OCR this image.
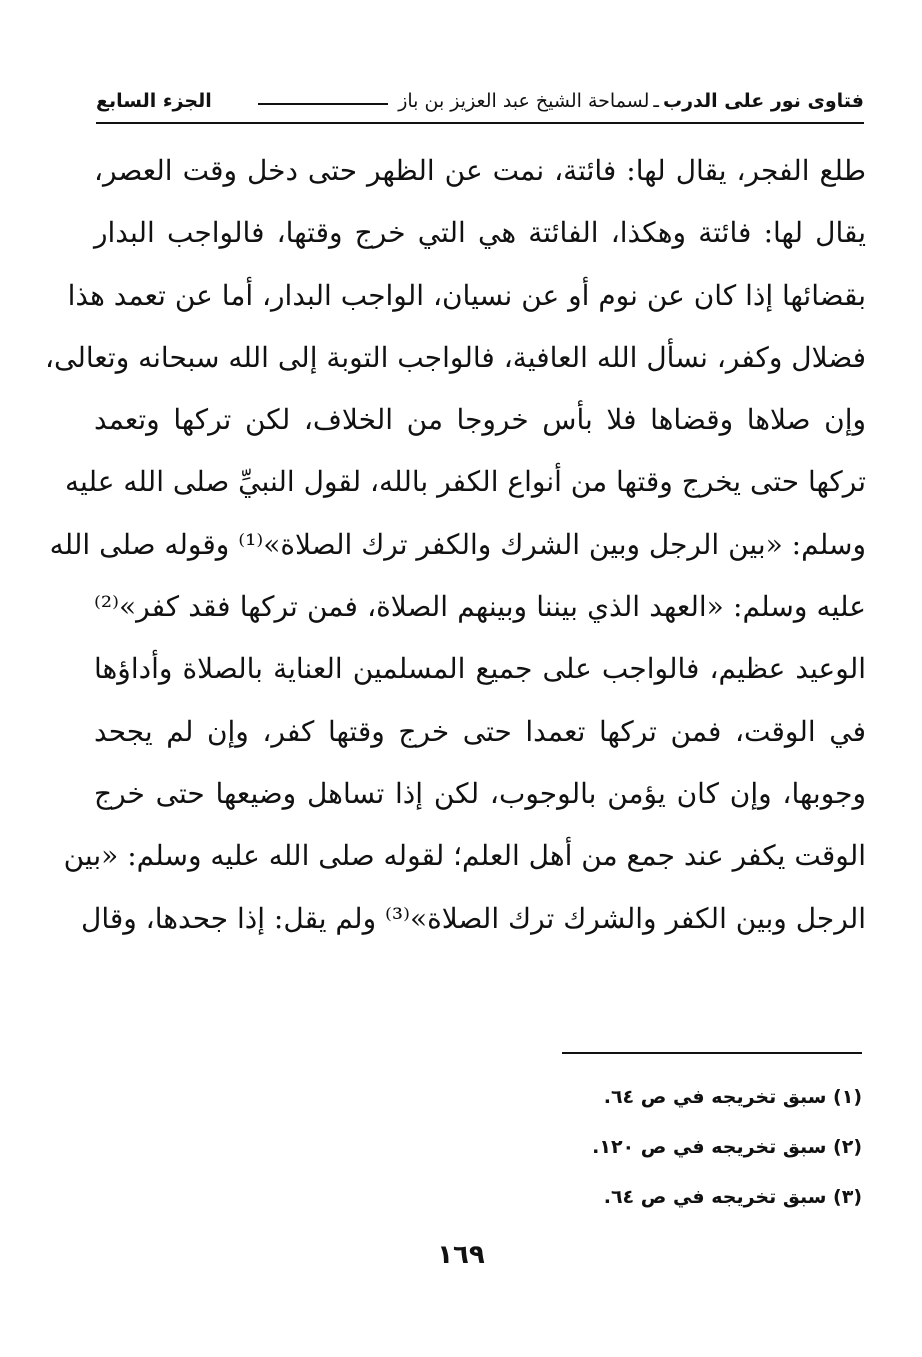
فتاوى نور على الدرب
ـ
لسماحة الشيخ عبد العزيز بن باز
الجزء السابع
طلع الفجر، يقال لها: فائتة، نمت عن الظهر حتى دخل وقت العصر،
يقال لها: فائتة وهكذا، الفائتة هي التي خرج وقتها، فالواجب البدار
بقضائها إذا كان عن نوم أو عن نسيان، الواجب البدار، أما عن تعمد هذا
فضلال وكفر، نسأل الله العافية، فالواجب التوبة إلى الله سبحانه وتعالى،
وإن صلاها وقضاها فلا بأس خروجا من الخلاف، لكن تركها وتعمد
تركها حتى يخرج وقتها من أنواع الكفر بالله، لقول النبيِّ صلى الله عليه
وسلم: «بين الرجل وبين الشرك والكفر ترك الصلاة»⁽¹⁾ وقوله صلى الله
عليه وسلم: «العهد الذي بيننا وبينهم الصلاة، فمن تركها فقد كفر»⁽²⁾
الوعيد عظيم، فالواجب على جميع المسلمين العناية بالصلاة وأداؤها
في الوقت، فمن تركها تعمدا حتى خرج وقتها كفر، وإن لم يجحد
وجوبها، وإن كان يؤمن بالوجوب، لكن إذا تساهل وضيعها حتى خرج
الوقت يكفر عند جمع من أهل العلم؛ لقوله صلى الله عليه وسلم: «بين
الرجل وبين الكفر والشرك ترك الصلاة»⁽³⁾ ولم يقل: إذا جحدها، وقال
(١) سبق تخريجه في ص ٦٤.
(٢) سبق تخريجه في ص ١٢٠.
(٣) سبق تخريجه في ص ٦٤.
١٦٩
